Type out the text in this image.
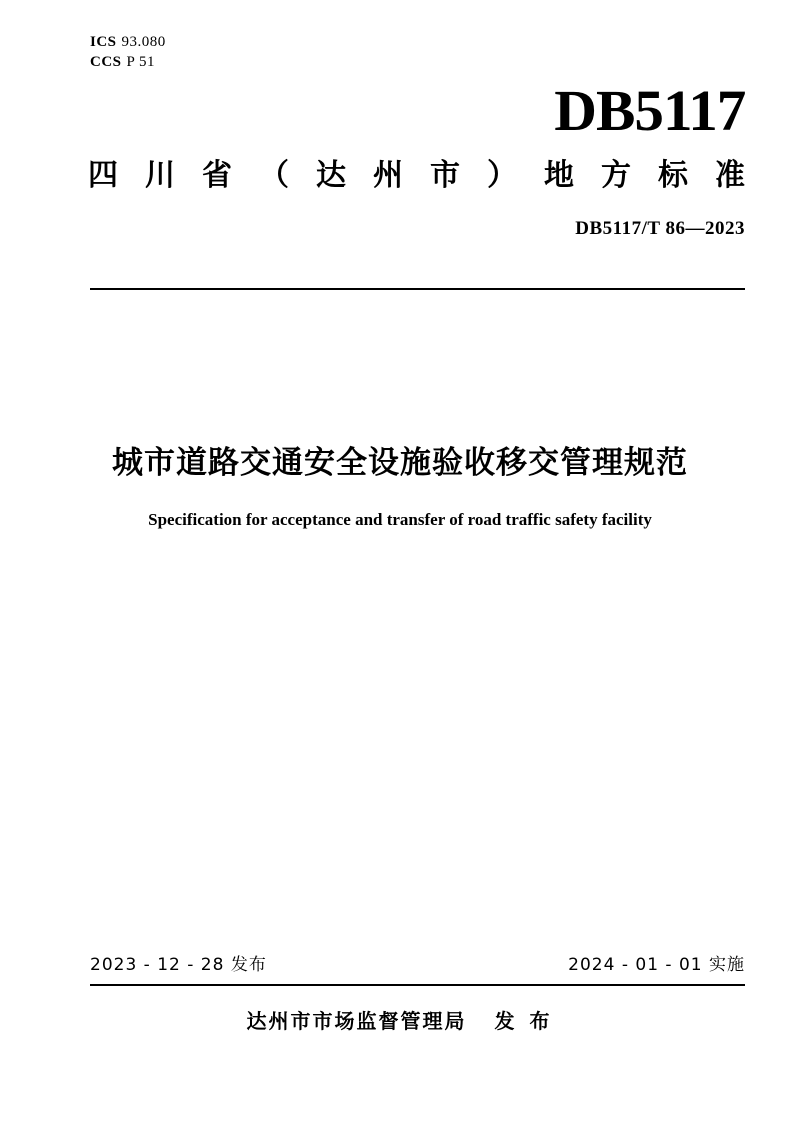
ICS 93.080
CCS P 51
DB5117
四 川 省 （ 达 州 市 ） 地 方 标 准
DB5117/T 86—2023
城市道路交通安全设施验收移交管理规范
Specification for acceptance and transfer of road traffic safety facility
2023 - 12 - 28 发布	2024 - 01 - 01 实施
达州市市场监督管理局 发 布
